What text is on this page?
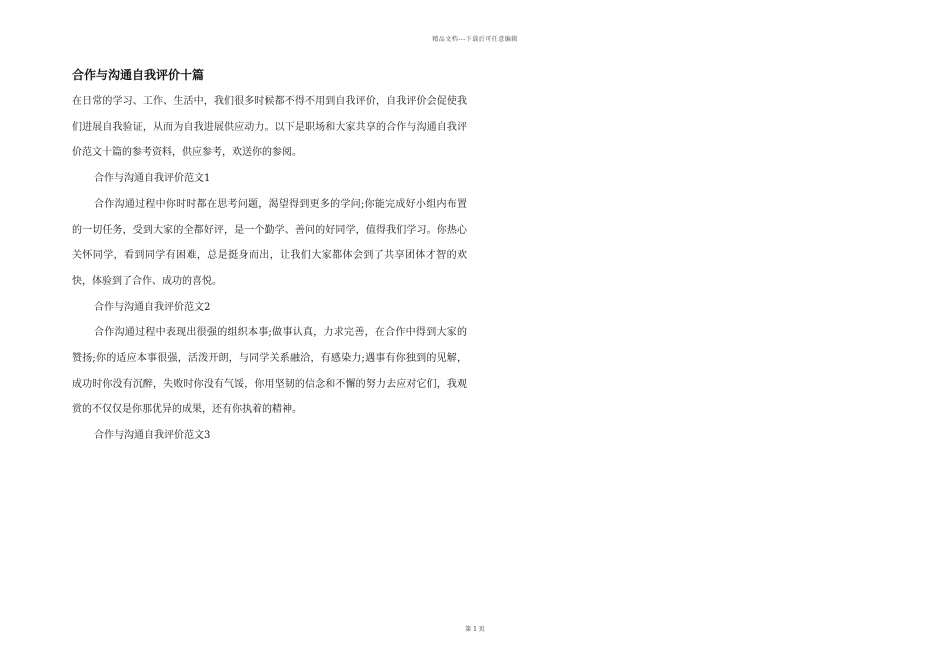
精品文档---下载后可任意编辑
合作与沟通自我评价十篇

在日常的学习、工作、生活中，我们很多时候都不得不用到自我评价，自我评价会促使我们进展自我验证，从而为自我进展供应动力。以下是职场和大家共享的合作与沟通自我评价范文十篇的参考资料，供应参考，欢送你的参阅。

合作与沟通自我评价范文1

合作沟通过程中你时时都在思考问题，渴望得到更多的学问;你能完成好小组内布置的一切任务，受到大家的全都好评，是一个勤学、善问的好同学，值得我们学习。你热心关怀同学，看到同学有困难，总是挺身而出，让我们大家都体会到了共享团体才智的欢快，体验到了合作、成功的喜悦。

合作与沟通自我评价范文2

合作沟通过程中表现出很强的组织本事;做事认真，力求完善，在合作中得到大家的赞扬;你的适应本事很强，活泼开朗，与同学关系融洽，有感染力;遇事有你独到的见解，成功时你没有沉醉，失败时你没有气馁，你用坚韧的信念和不懈的努力去应对它们，我观赏的不仅仅是你那优异的成果，还有你执着的精神。

合作与沟通自我评价范文3

第 1 页
